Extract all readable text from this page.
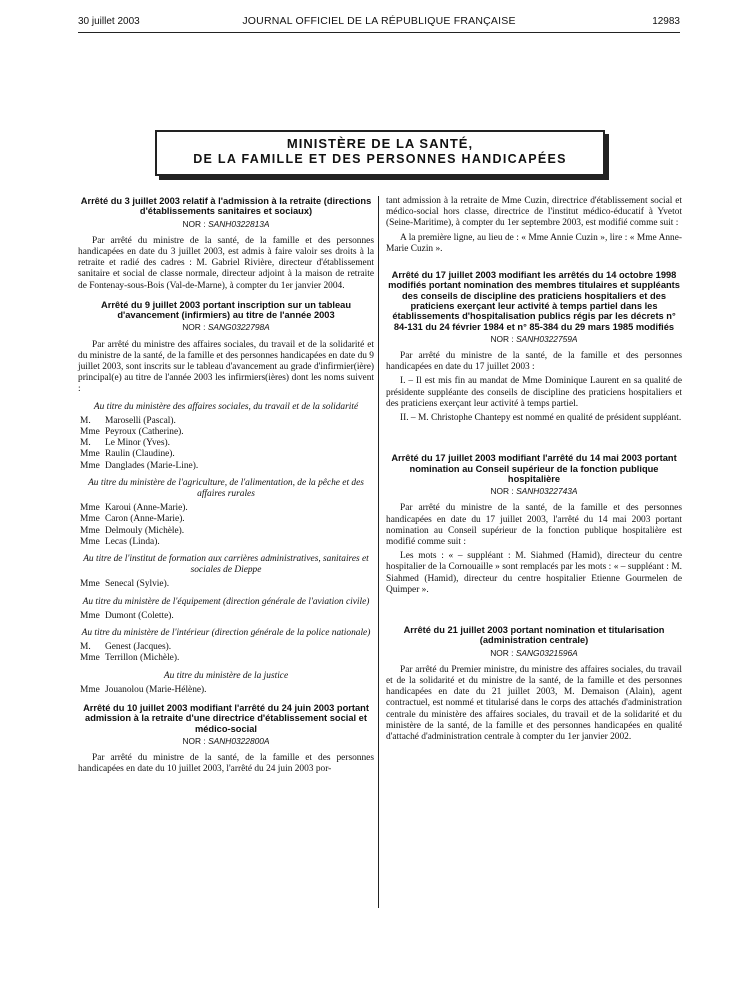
30 juillet 2003	JOURNAL OFFICIEL DE LA RÉPUBLIQUE FRANÇAISE	12983
MINISTÈRE DE LA SANTÉ,
DE LA FAMILLE ET DES PERSONNES HANDICAPÉES
Arrêté du 3 juillet 2003 relatif à l'admission à la retraite (directions d'établissements sanitaires et sociaux)
NOR : SANH0322813A

Par arrêté du ministre de la santé, de la famille et des personnes handicapées en date du 3 juillet 2003, est admis à faire valoir ses droits à la retraite et radié des cadres : M. Gabriel Rivière, directeur d'établissement sanitaire et social de classe normale, directeur adjoint à la maison de retraite de Fontenay-sous-Bois (Val-de-Marne), à compter du 1er janvier 2004.

Arrêté du 9 juillet 2003 portant inscription sur un tableau d'avancement (infirmiers) au titre de l'année 2003
NOR : SANG0322798A

Par arrêté du ministre des affaires sociales, du travail et de la solidarité et du ministre de la santé, de la famille et des personnes handicapées en date du 9 juillet 2003, sont inscrits sur le tableau d'avancement au grade d'infirmier(ière) principal(e) au titre de l'année 2003 les infirmiers(ières) dont les noms suivent :

Au titre du ministère des affaires sociales, du travail et de la solidarité
M. Maroselli (Pascal).
Mme Peyroux (Catherine).
M. Le Minor (Yves).
Mme Raulin (Claudine).
Mme Danglades (Marie-Line).
Au titre du ministère de l'agriculture, de l'alimentation, de la pêche et des affaires rurales
Mme Karoui (Anne-Marie).
Mme Caron (Anne-Marie).
Mme Delmouly (Michèle).
Mme Lecas (Linda).
Au titre de l'institut de formation aux carrières administratives, sanitaires et sociales de Dieppe
Mme Senecal (Sylvie).
Au titre du ministère de l'équipement (direction générale de l'aviation civile)
Mme Dumont (Colette).
Au titre du ministère de l'intérieur (direction générale de la police nationale)
M. Genest (Jacques).
Mme Terrillon (Michèle).
Au titre du ministère de la justice
Mme Jouanolou (Marie-Hélène).
Arrêté du 10 juillet 2003 modifiant l'arrêté du 24 juin 2003 portant admission à la retraite d'une directrice d'établissement social et médico-social
NOR : SANH0322800A

Par arrêté du ministre de la santé, de la famille et des personnes handicapées en date du 10 juillet 2003, l'arrêté du 24 juin 2003 por-

tant admission à la retraite de Mme Cuzin, directrice d'établissement social et médico-social hors classe, directrice de l'institut médico-éducatif à Yvetot (Seine-Maritime), à compter du 1er septembre 2003, est modifié comme suit :

A la première ligne, au lieu de : « Mme Annie Cuzin », lire : « Mme Anne-Marie Cuzin ».

Arrêté du 17 juillet 2003 modifiant les arrêtés du 14 octobre 1998 modifiés portant nomination des membres titulaires et suppléants des conseils de discipline des praticiens hospitaliers et des praticiens exerçant leur activité à temps partiel dans les établissements d'hospitalisation publics régis par les décrets n° 84-131 du 24 février 1984 et n° 85-384 du 29 mars 1985 modifiés
NOR : SANH0322759A

Par arrêté du ministre de la santé, de la famille et des personnes handicapées en date du 17 juillet 2003 :

I. – Il est mis fin au mandat de Mme Dominique Laurent en sa qualité de présidente suppléante des conseils de discipline des praticiens hospitaliers et des praticiens exerçant leur activité à temps partiel.

II. – M. Christophe Chantepy est nommé en qualité de président suppléant.

Arrêté du 17 juillet 2003 modifiant l'arrêté du 14 mai 2003 portant nomination au Conseil supérieur de la fonction publique hospitalière
NOR : SANH0322743A

Par arrêté du ministre de la santé, de la famille et des personnes handicapées en date du 17 juillet 2003, l'arrêté du 14 mai 2003 portant nomination au Conseil supérieur de la fonction publique hospitalière est modifié comme suit :

Les mots : « – suppléant : M. Siahmed (Hamid), directeur du centre hospitalier de la Cornouaille » sont remplacés par les mots : « – suppléant : M. Siahmed (Hamid), directeur du centre hospitalier Etienne Gourmelen de Quimper ».

Arrêté du 21 juillet 2003 portant nomination et titularisation (administration centrale)
NOR : SANG0321596A

Par arrêté du Premier ministre, du ministre des affaires sociales, du travail et de la solidarité et du ministre de la santé, de la famille et des personnes handicapées en date du 21 juillet 2003, M. Demaison (Alain), agent contractuel, est nommé et titularisé dans le corps des attachés d'administration centrale du ministère des affaires sociales, du travail et de la solidarité et du ministère de la santé, de la famille et des personnes handicapées en qualité d'attaché d'administration centrale à compter du 1er janvier 2002.
